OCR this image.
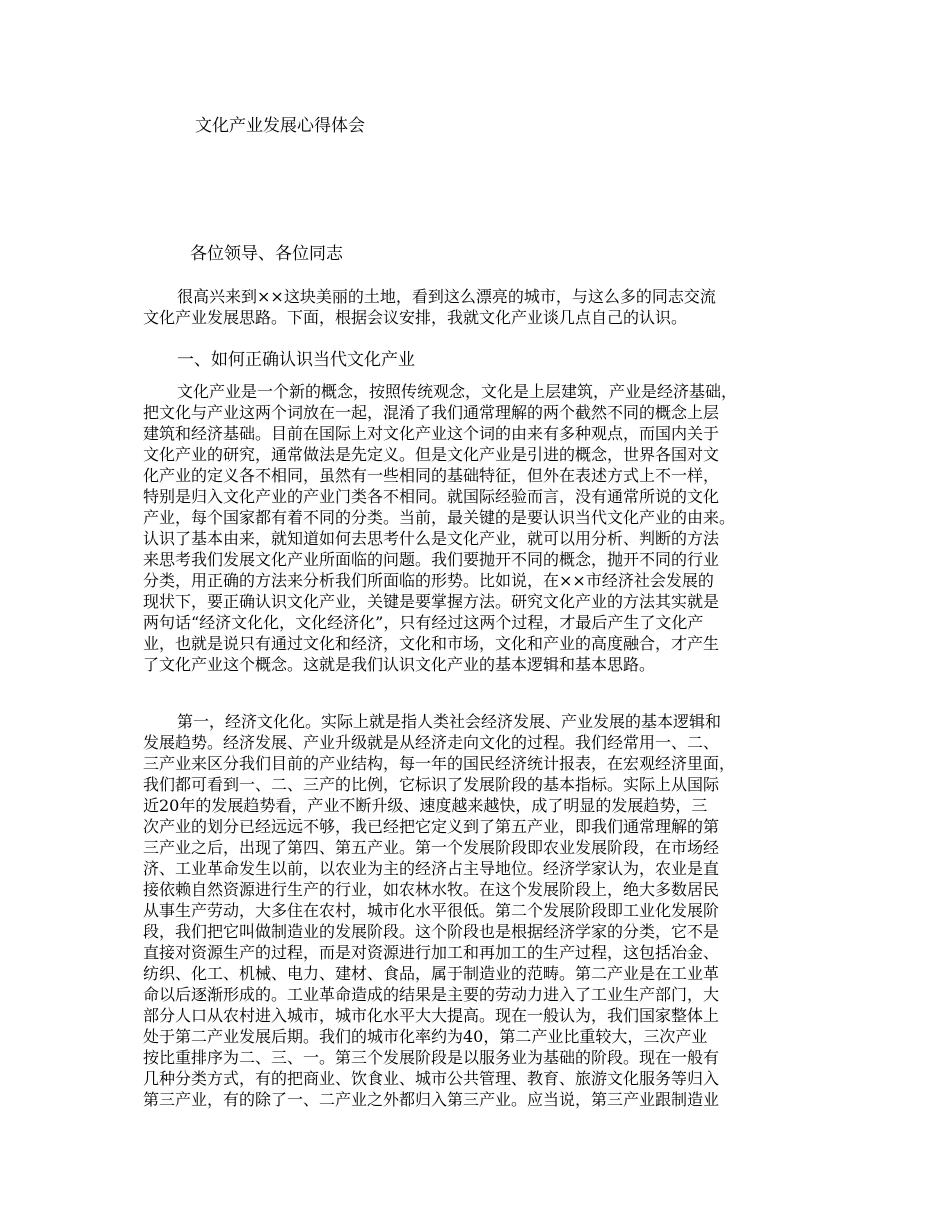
文化产业发展心得体会
各位领导、各位同志
很高兴来到××这块美丽的土地，看到这么漂亮的城市，与这么多的同志交流
文化产业发展思路。下面，根据会议安排，我就文化产业谈几点自己的认识。
一、如何正确认识当代文化产业
文化产业是一个新的概念，按照传统观念，文化是上层建筑，产业是经济基础，
把文化与产业这两个词放在一起，混淆了我们通常理解的两个截然不同的概念上层
建筑和经济基础。目前在国际上对文化产业这个词的由来有多种观点，而国内关于
文化产业的研究，通常做法是先定义。但是文化产业是引进的概念，世界各国对文
化产业的定义各不相同，虽然有一些相同的基础特征，但外在表述方式上不一样，
特别是归入文化产业的产业门类各不相同。就国际经验而言，没有通常所说的文化
产业，每个国家都有着不同的分类。当前，最关键的是要认识当代文化产业的由来。
认识了基本由来，就知道如何去思考什么是文化产业，就可以用分析、判断的方法
来思考我们发展文化产业所面临的问题。我们要抛开不同的概念，抛开不同的行业
分类，用正确的方法来分析我们所面临的形势。比如说，在××市经济社会发展的
现状下，要正确认识文化产业，关键是要掌握方法。研究文化产业的方法其实就是
两句话“经济文化化，文化经济化”，只有经过这两个过程，才最后产生了文化产
业，也就是说只有通过文化和经济，文化和市场，文化和产业的高度融合，才产生
了文化产业这个概念。这就是我们认识文化产业的基本逻辑和基本思路。
第一，经济文化化。实际上就是指人类社会经济发展、产业发展的基本逻辑和
发展趋势。经济发展、产业升级就是从经济走向文化的过程。我们经常用一、二、
三产业来区分我们目前的产业结构，每一年的国民经济统计报表，在宏观经济里面，
我们都可看到一、二、三产的比例，它标识了发展阶段的基本指标。实际上从国际
近20年的发展趋势看，产业不断升级、速度越来越快，成了明显的发展趋势，三
次产业的划分已经远远不够，我已经把它定义到了第五产业，即我们通常理解的第
三产业之后，出现了第四、第五产业。第一个发展阶段即农业发展阶段，在市场经
济、工业革命发生以前，以农业为主的经济占主导地位。经济学家认为，农业是直
接依赖自然资源进行生产的行业，如农林水牧。在这个发展阶段上，绝大多数居民
从事生产劳动，大多住在农村，城市化水平很低。第二个发展阶段即工业化发展阶
段，我们把它叫做制造业的发展阶段。这个阶段也是根据经济学家的分类，它不是
直接对资源生产的过程，而是对资源进行加工和再加工的生产过程，这包括冶金、
纺织、化工、机械、电力、建材、食品，属于制造业的范畴。第二产业是在工业革
命以后逐渐形成的。工业革命造成的结果是主要的劳动力进入了工业生产部门，大
部分人口从农村进入城市，城市化水平大大提高。现在一般认为，我们国家整体上
处于第二产业发展后期。我们的城市化率约为40，第二产业比重较大，三次产业
按比重排序为二、三、一。第三个发展阶段是以服务业为基础的阶段。现在一般有
几种分类方式，有的把商业、饮食业、城市公共管理、教育、旅游文化服务等归入
第三产业，有的除了一、二产业之外都归入第三产业。应当说，第三产业跟制造业
